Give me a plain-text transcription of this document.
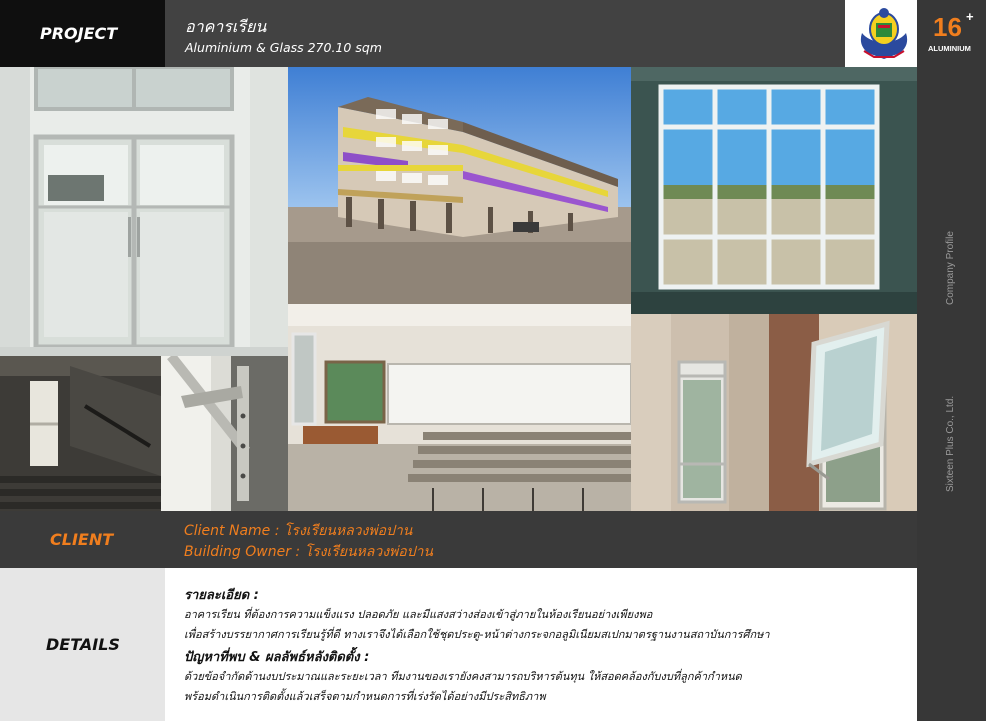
PROJECT	อาคารเรียน
Aluminium & Glass 270.10 sqm
16 +
ALUMINIUM
Company Profile
Sixteen Plus Co., Ltd.
CLIENT	Client Name : โรงเรียนหลวงพ่อปาน
Building Owner : โรงเรียนหลวงพ่อปาน
DETAILS
รายละเอียด :
อาคารเรียน ที่ต้องการความแข็งแรง ปลอดภัย และมีแสงสว่างส่องเข้าสู่ภายในห้องเรียนอย่างเพียงพอ
เพื่อสร้างบรรยากาศการเรียนรู้ที่ดี ทางเราจึงได้เลือกใช้ชุดประตู-หน้าต่างกระจกอลูมิเนียมสเปกมาตรฐานงานสถาบันการศึกษา
ปัญหาที่พบ & ผลลัพธ์หลังติดตั้ง :
ด้วยข้อจำกัดด้านงบประมาณและระยะเวลา ทีมงานของเรายังคงสามารถบริหารต้นทุน ให้สอดคล้องกับงบที่ลูกค้ากำหนด
พร้อมดำเนินการติดตั้งแล้วเสร็จตามกำหนดการที่เร่งรัดได้อย่างมีประสิทธิภาพ
